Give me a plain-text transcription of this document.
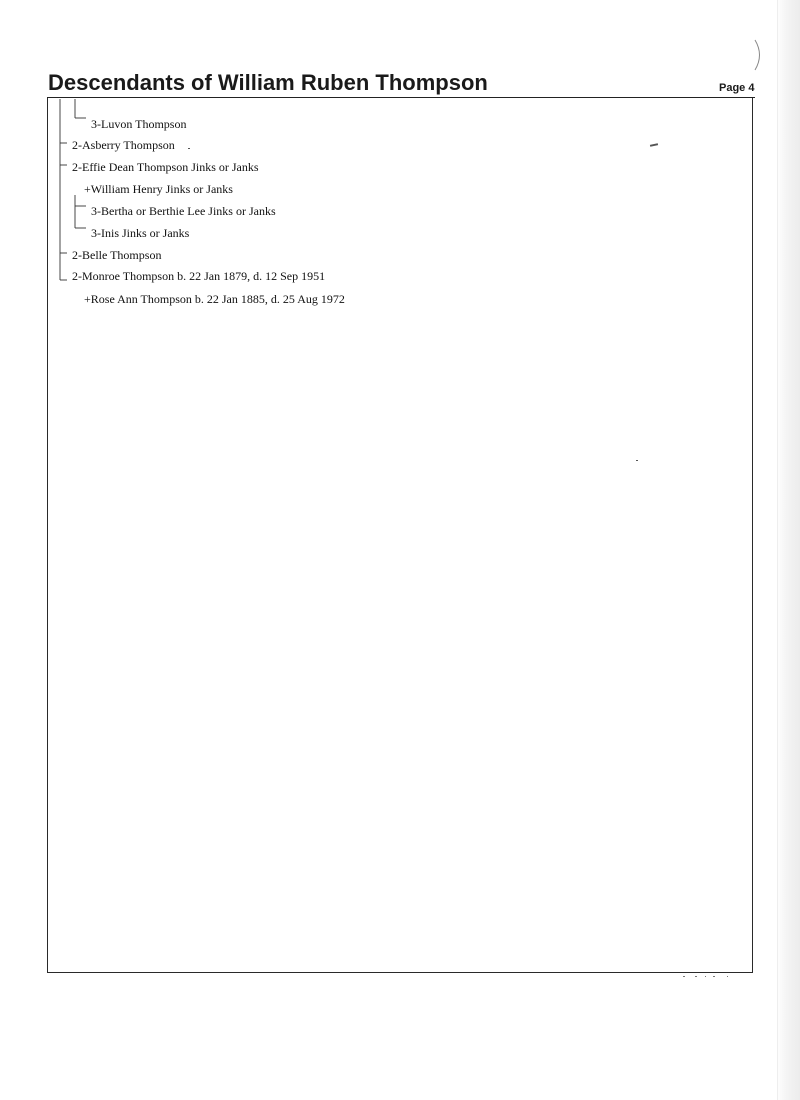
Descendants of William Ruben Thompson	Page 4
3-Luvon Thompson
2-Asberry Thompson
2-Effie Dean Thompson Jinks or Janks
+William Henry Jinks or Janks
3-Bertha or Berthie Lee Jinks or Janks
3-Inis Jinks or Janks
2-Belle Thompson
2-Monroe Thompson b. 22 Jan 1879, d. 12 Sep 1951
+Rose Ann Thompson b. 22 Jan 1885, d. 25 Aug 1972
